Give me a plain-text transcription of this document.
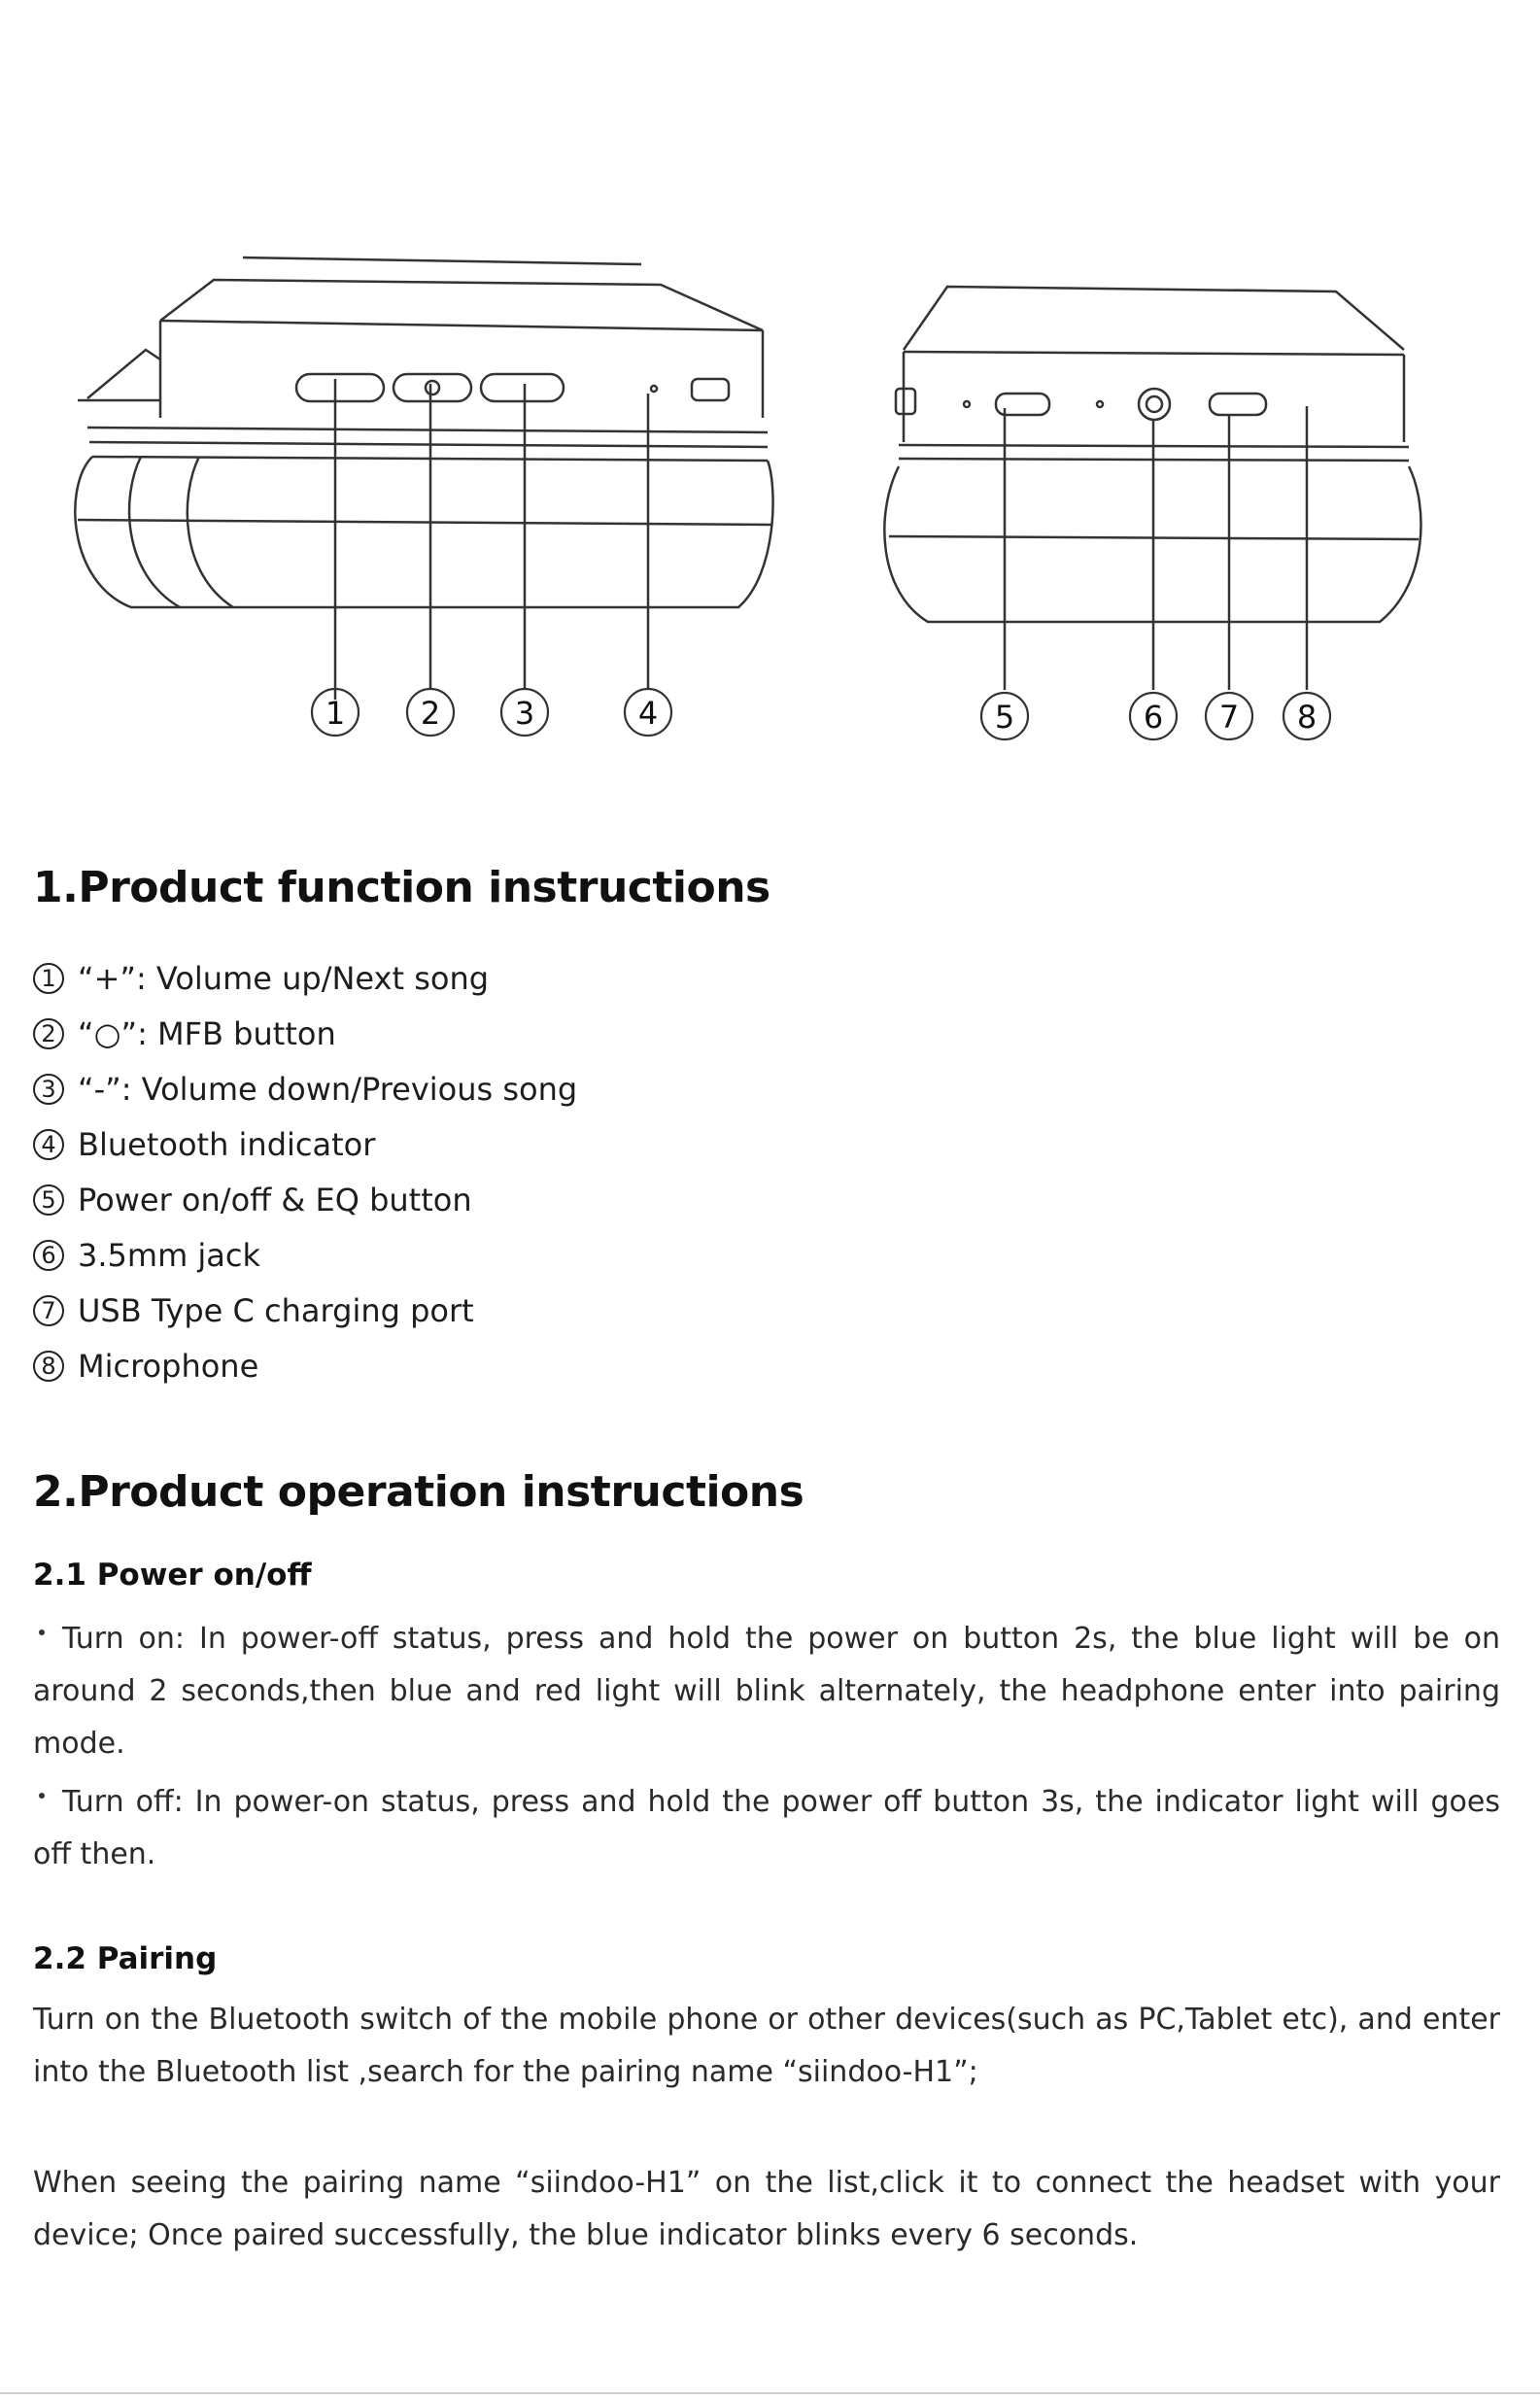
1 2 3	4	5	6 7 8
1.Product function instructions
1 “+”: Volume up/Next song
2 “○”: MFB button
3 “-”: Volume down/Previous song
4 Bluetooth indicator
5 Power on/off & EQ button
6 3.5mm jack
7 USB Type C charging port
8 Microphone
2.Product operation instructions
2.1 Power on/off

Turn on: In power-off status, press and hold the power on button 2s, the blue light will be on around 2 seconds,then blue and red light will blink alternately, the headphone enter into pairing mode.

Turn off: In power-on status, press and hold the power off button 3s, the indicator light will goes off then.

2.2 Pairing

Turn on the Bluetooth switch of the mobile phone or other devices(such as PC,Tablet etc), and enter into the Bluetooth list ,search for the pairing name “siindoo-H1”;

When seeing the pairing name “siindoo-H1” on the list,click it to connect the headset with your device; Once paired successfully, the blue indicator blinks every 6 seconds.
